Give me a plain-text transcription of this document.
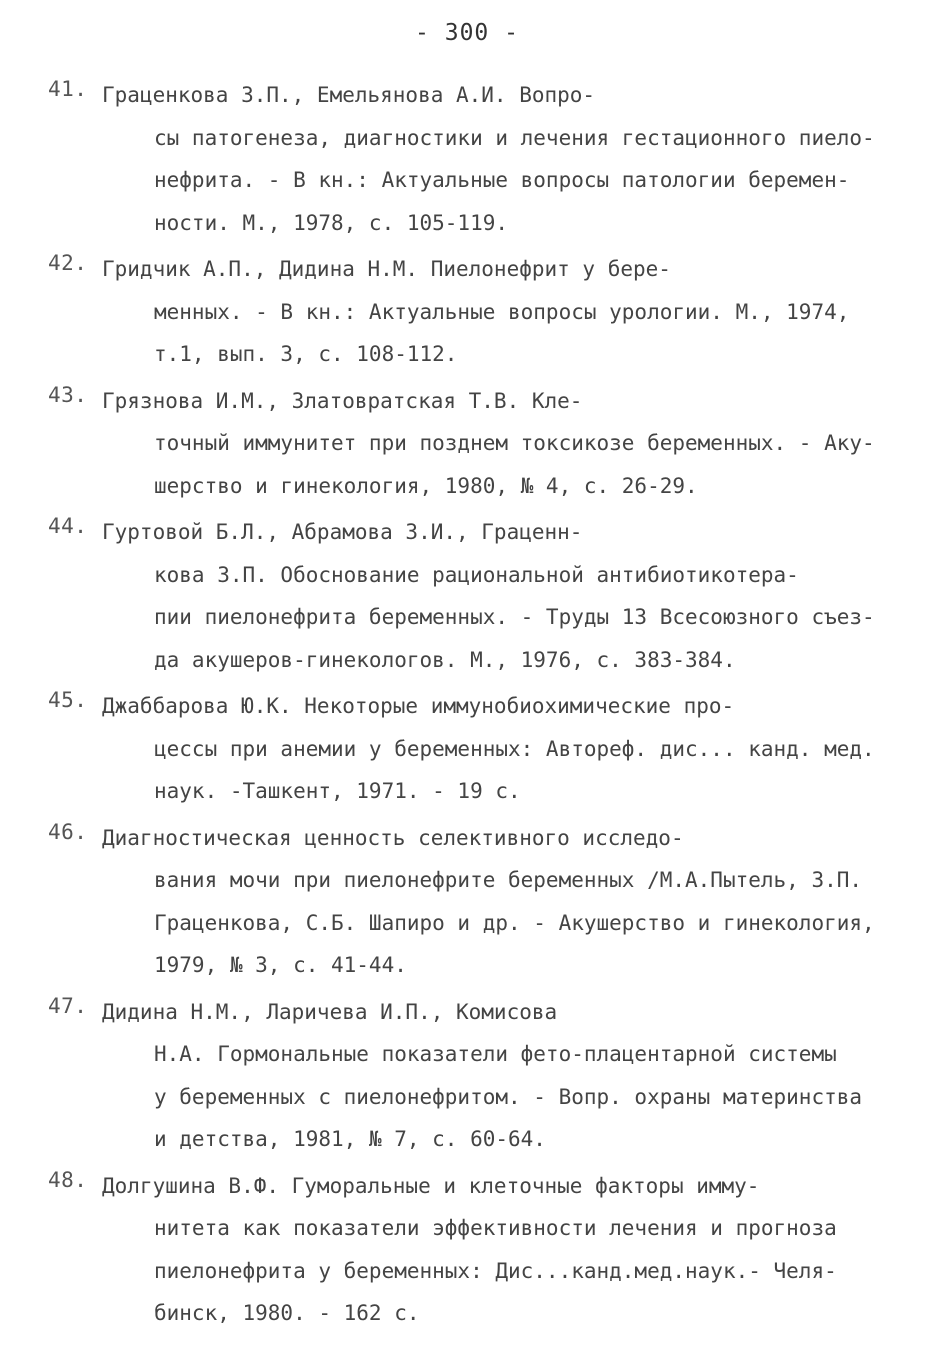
- 300 -
41. Граценкова З.П., Емельянова А.И. Вопро-
сы патогенеза, диагностики и лечения гестационного пиело-
нефрита. - В кн.: Актуальные вопросы патологии беремен-
ности. М., 1978, с. 105-119.
42. Гридчик А.П., Дидина Н.М. Пиелонефрит у бере-
менных. - В кн.: Актуальные вопросы урологии. М., 1974,
т.1, вып. 3, с. 108-112.
43. Грязнова И.М., Златовратская Т.В. Кле-
точный иммунитет при позднем токсикозе беременных. - Аку-
шерство и гинекология, 1980, № 4, с. 26-29.
44. Гуртовой Б.Л., Абрамова З.И., Граценн-
кова З.П. Обоснование рациональной антибиотикотера-
пии пиелонефрита беременных. - Труды 13 Всесоюзного съез-
да акушеров-гинекологов. М., 1976, с. 383-384.
45. Джаббарова Ю.К. Некоторые иммунобиохимические про-
цессы при анемии у беременных: Автореф. дис... канд. мед.
наук. -Ташкент, 1971. - 19 с.
46. Диагностическая ценность селективного исследо-
вания мочи при пиелонефрите беременных /М.А.Пытель, З.П.
Граценкова, С.Б. Шапиро и др. - Акушерство и гинекология,
1979, № 3, с. 41-44.
47. Дидина Н.М., Ларичева И.П., Комисова
Н.А. Гормональные показатели фето-плацентарной системы
у беременных с пиелонефритом. - Вопр. охраны материнства
и детства, 1981, № 7, с. 60-64.
48. Долгушина В.Ф. Гуморальные и клеточные факторы имму-
нитета как показатели эффективности лечения и прогноза
пиелонефрита у беременных: Дис...канд.мед.наук.- Челя-
бинск, 1980. - 162 с.
